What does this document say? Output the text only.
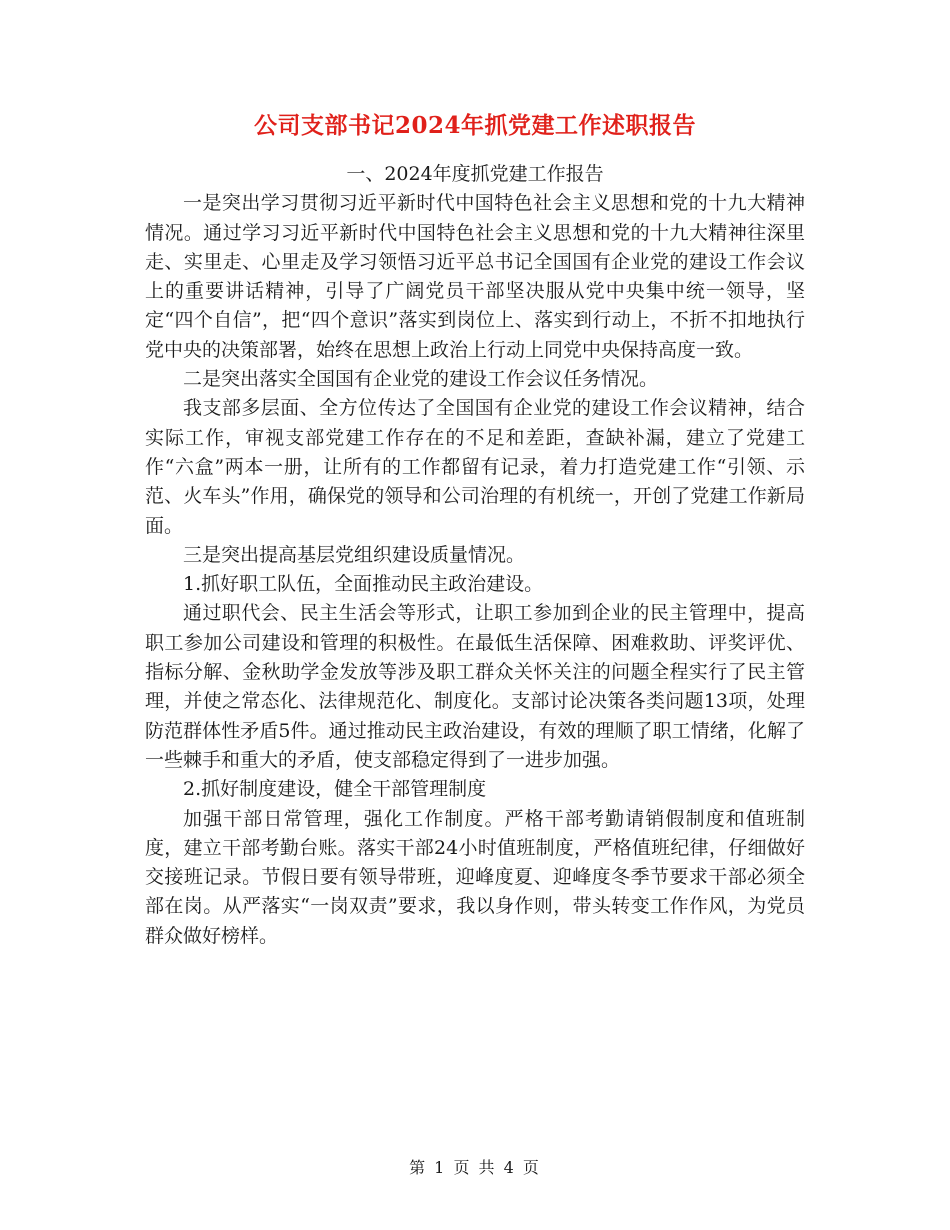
公司支部书记2024年抓党建工作述职报告

一、2024年度抓党建工作报告

一是突出学习贯彻习近平新时代中国特色社会主义思想和党的十九大精神情况。通过学习习近平新时代中国特色社会主义思想和党的十九大精神往深里走、实里走、心里走及学习领悟习近平总书记全国国有企业党的建设工作会议上的重要讲话精神，引导了广阔党员干部坚决服从党中央集中统一领导，坚定“四个自信”，把“四个意识”落实到岗位上、落实到行动上，不折不扣地执行党中央的决策部署，始终在思想上政治上行动上同党中央保持高度一致。

二是突出落实全国国有企业党的建设工作会议任务情况。

我支部多层面、全方位传达了全国国有企业党的建设工作会议精神，结合实际工作，审视支部党建工作存在的不足和差距，查缺补漏，建立了党建工作“六盒”两本一册，让所有的工作都留有记录，着力打造党建工作“引领、示范、火车头”作用，确保党的领导和公司治理的有机统一，开创了党建工作新局面。

三是突出提高基层党组织建设质量情况。

1.抓好职工队伍，全面推动民主政治建设。

通过职代会、民主生活会等形式，让职工参加到企业的民主管理中，提高职工参加公司建设和管理的积极性。在最低生活保障、困难救助、评奖评优、指标分解、金秋助学金发放等涉及职工群众关怀关注的问题全程实行了民主管理，并使之常态化、法律规范化、制度化。支部讨论决策各类问题13项，处理防范群体性矛盾5件。通过推动民主政治建设，有效的理顺了职工情绪，化解了一些棘手和重大的矛盾，使支部稳定得到了一进步加强。

2.抓好制度建设，健全干部管理制度

加强干部日常管理，强化工作制度。严格干部考勤请销假制度和值班制度，建立干部考勤台账。落实干部24小时值班制度，严格值班纪律，仔细做好交接班记录。节假日要有领导带班，迎峰度夏、迎峰度冬季节要求干部必须全部在岗。从严落实“一岗双责”要求，我以身作则，带头转变工作作风，为党员群众做好榜样。

第 1 页 共 4 页
